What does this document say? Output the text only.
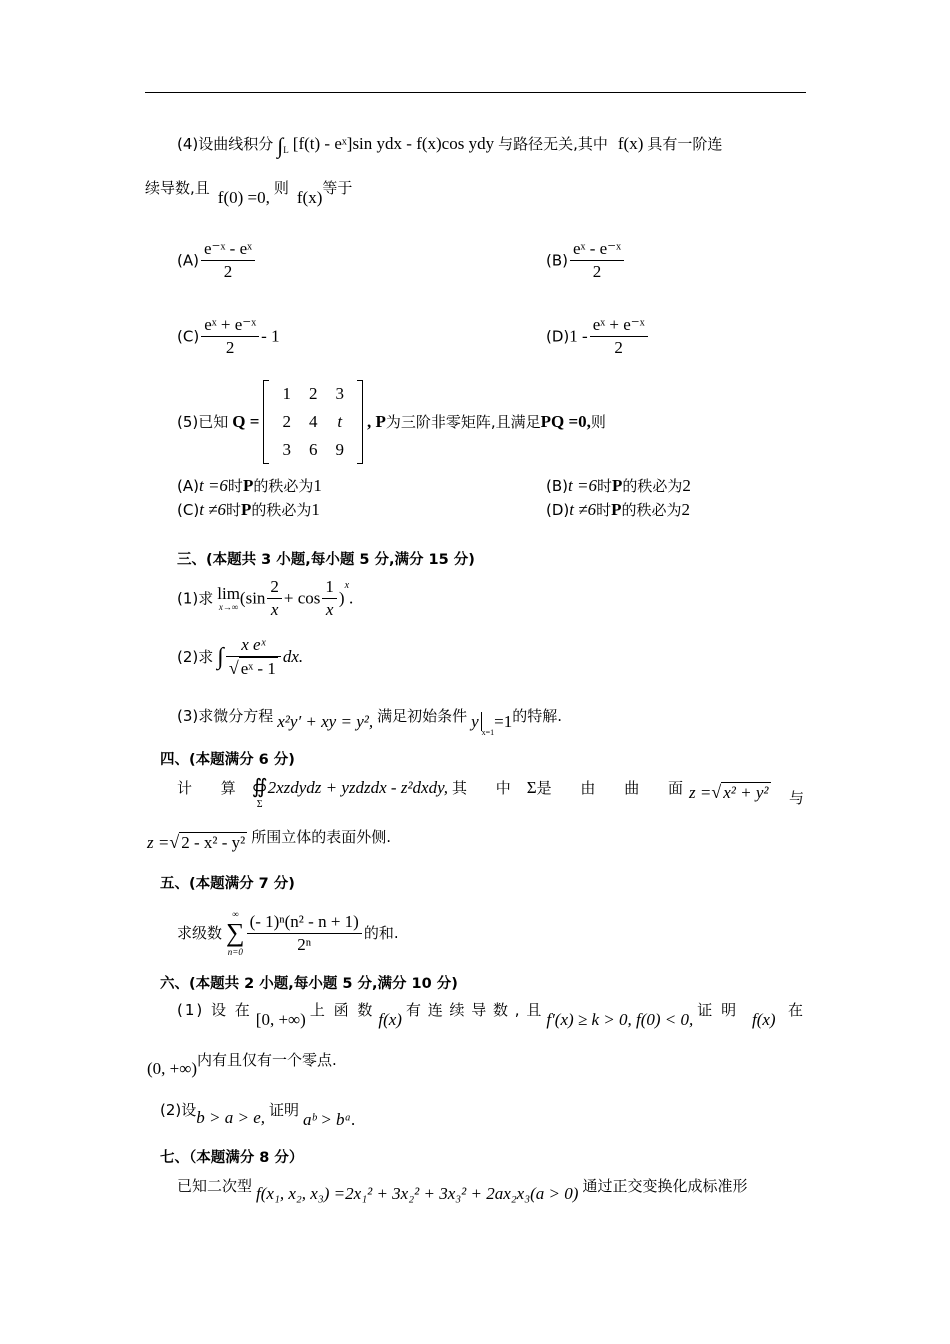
(4)设曲线积分 $\int_L$ [f(t) - eˣ]sin ydx - f(x)cos ydy 与路径无关,其中 f(x) 具有一阶连
续导数,且 f(0) =0, 则 f(x)等于
$(A) \frac{\text{e⁻ˣ - eˣ}}{2}$	$(B) \frac{\text{eˣ - e⁻ˣ}}{2}$
$(C) \frac{\text{eˣ + e⁻ˣ}}{2} - 1$	$(D)1 - \frac{\text{eˣ + e⁻ˣ}}{2}$
(5)已知 Q =
1	2	3
2	4	t
3	6	9
, P为三阶非零矩阵,且满足PQ =0,则
(A)t =6时P的秩必为1	(B)t =6时P的秩必为2
(C)t ≠6时P的秩必为1	(D)t ≠6时P的秩必为2
三、(本题共 3 小题,每小题 5 分,满分 15 分)
(1)求 lim
x→∞ $(\sin \frac{2}{x} + \cos \frac{1}{x} )^x$.
(2)求 ∫ $\frac{\text{x eˣ}}{\text{√ eˣ - 1}}$ dx.
(3)求微分方程 x²y′ + xy = y², 满足初始条件 $y_{x=1}=1$的特解.
四、(本题满分 6 分)
计 算 ∯
Σ
2xzdydz + yzdzdx - z²dxdy, 其 中 Σ是 由 曲 面
z =√ x² + y² 与
z =√ 2 - x² - y² 所围立体的表面外侧.
五、(本题满分 7 分)
求级数
∞
∑
$n=0 \frac{\text{(- 1)ⁿ(n² - n + 1)}}{\text{2ⁿ}}$ 的和.
六、(本题共 2 小题,每小题 5 分,满分 10 分)
(1) 设 在 [0, +∞) 上 函 数 f(x) 有 连 续 导 数 , 且 f′(x) ≥ k > 0, f(0) < 0, 证 明 f(x) 在
(0, +∞)内有且仅有一个零点.
(2)设b > a > e, 证明 aᵇ > bᵃ.
七、（本题满分 8 分）
已知二次型 f(x₁, x₂, x₃) =2x₁² + 3x₂² + 3x₃² + 2ax₂x₃(a > 0) 通过正交变换化成标准形
